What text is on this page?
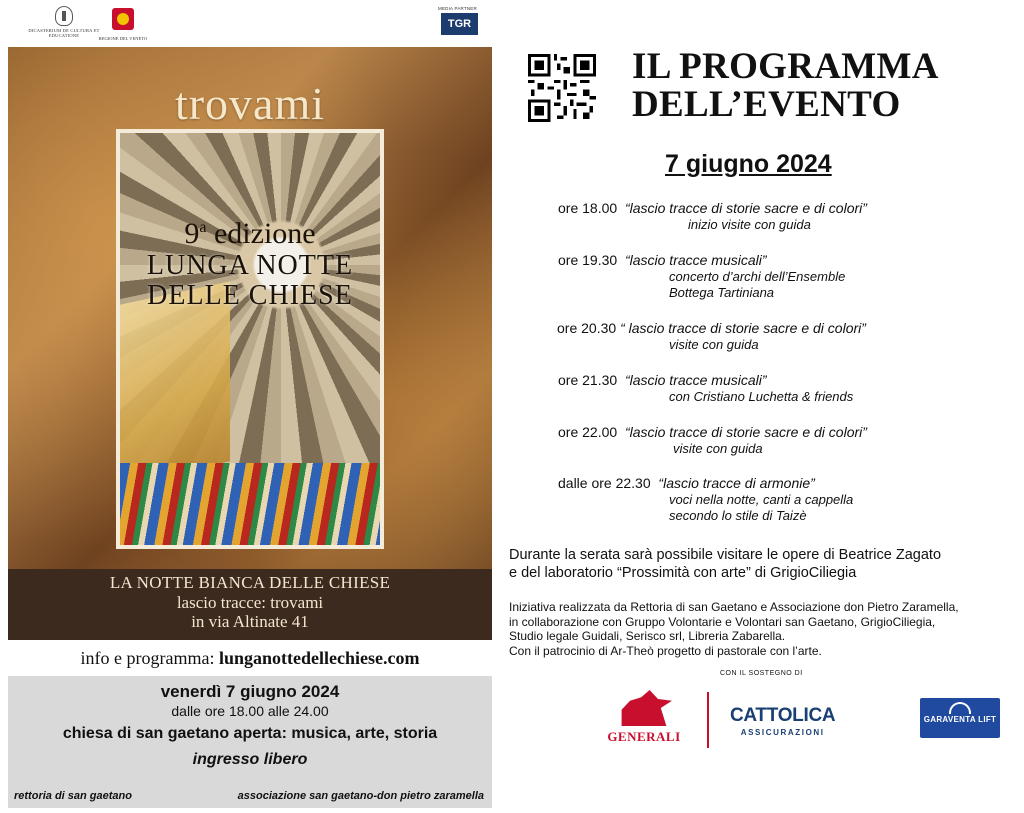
DICASTERIUM DE CULTURA ET EDUCATIONE
REGIONE DEL VENETO
MEDIA PARTNER
TGR
trovami
9$^a$ edizione
LUNGA NOTTE
DELLE CHIESE
LA NOTTE BIANCA DELLE CHIESE
lascio tracce: trovami
in via Altinate 41
info e programma: lunganottedellechiese.com
venerdì 7 giugno 2024
dalle ore 18.00 alle 24.00
chiesa di san gaetano aperta: musica, arte, storia
ingresso libero
rettoria di san gaetano	associazione san gaetano-don pietro zaramella
IL PROGRAMMA
DELL’EVENTO
7 giugno 2024
ore 18.00 “lascio tracce di storie sacre e di colori”
inizio visite con guida
ore 19.30 “lascio tracce musicali”
concerto d’archi dell’Ensemble
Bottega Tartiniana
ore 20.30 “ lascio tracce di storie sacre e di colori”
visite con guida
ore 21.30 “lascio tracce musicali”
con Cristiano Luchetta & friends
ore 22.00 “lascio tracce di storie sacre e di colori”
visite con guida
dalle ore 22.30 “lascio tracce di armonie”
voci nella notte, canti a cappella
secondo lo stile di Taizè
Durante la serata sarà possibile visitare le opere di Beatrice Zagato
e del laboratorio “Prossimità con arte” di GrigioCiliegia
Iniziativa realizzata da Rettoria di san Gaetano e Associazione don Pietro Zaramella,
in collaborazione con Gruppo Volontarie e Volontari san Gaetano, GrigioCiliegia,
Studio legale Guidali, Serisco srl, Libreria Zabarella.
Con il patrocinio di Ar-Theò progetto di pastorale con l’arte.
CON IL SOSTEGNO DI
GENERALI
CATTOLICA
ASSICURAZIONI
GARAVENTA LIFT
